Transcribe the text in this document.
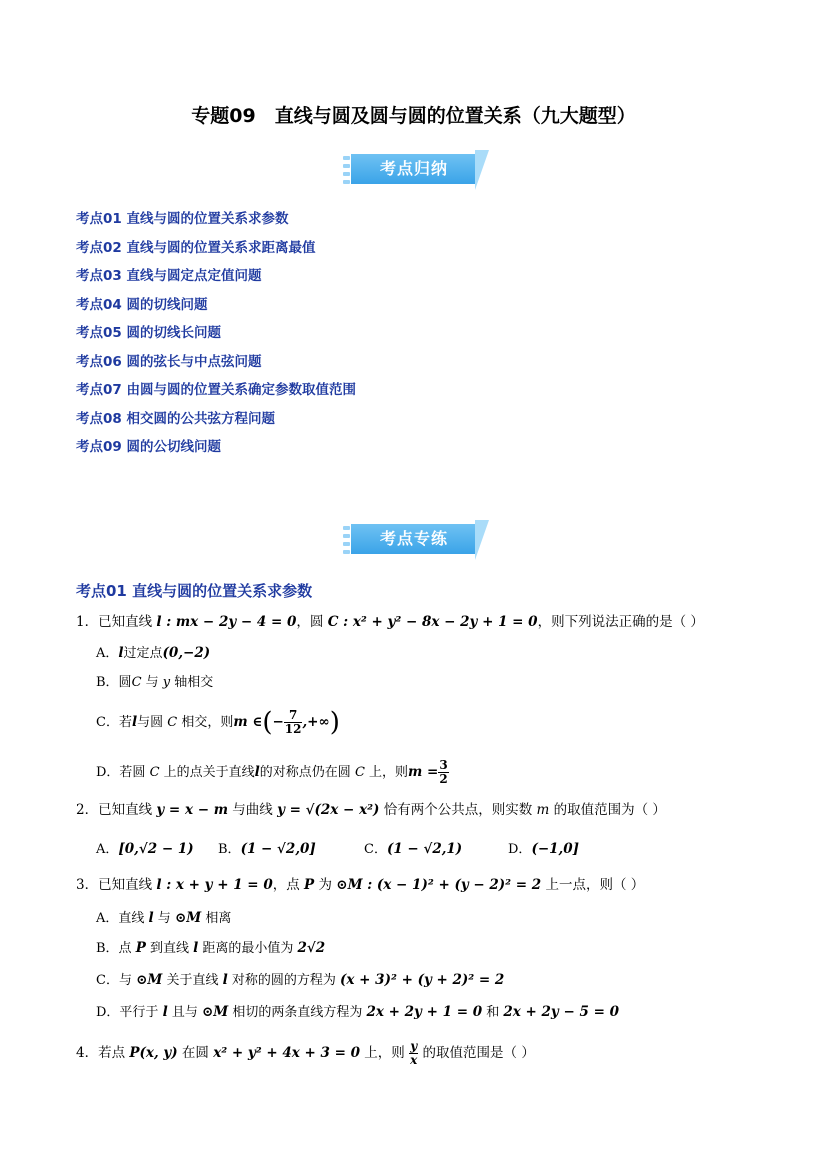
专题09　直线与圆及圆与圆的位置关系（九大题型）
考点归纳
考点01 直线与圆的位置关系求参数
考点02 直线与圆的位置关系求距离最值
考点03 直线与圆定点定值问题
考点04 圆的切线问题
考点05 圆的切线长问题
考点06 圆的弦长与中点弦问题
考点07 由圆与圆的位置关系确定参数取值范围
考点08 相交圆的公共弦方程问题
考点09 圆的公切线问题
考点专练
考点01 直线与圆的位置关系求参数
1．已知直线 l : mx − 2y − 4 = 0，圆 C : x² + y² − 8x − 2y + 1 = 0，则下列说法正确的是（ ）
A．l过定点(0,−2)
B．圆C 与 y 轴相交
C．若l与圆 C 相交，则m ∈(− $\frac{7}{12}$ ,+∞)
D．若圆 C 上的点关于直线l的对称点仍在圆 C 上，则$m = \frac{3}{2}$
2．已知直线 y = x − m 与曲线 y = √(2x − x²) 恰有两个公共点，则实数 m 的取值范围为（ ）
A．[0,√2 − 1) B．(1 − √2,0]	C．(1 − √2,1)	D．(−1,0]
3．已知直线 l : x + y + 1 = 0，点 P 为 ⊙M : (x − 1)² + (y − 2)² = 2 上一点，则（ ）
A．直线 l 与 ⊙M 相离
B．点 P 到直线 l 距离的最小值为 2√2
C．与 ⊙M 关于直线 l 对称的圆的方程为 (x + 3)² + (y + 2)² = 2
D．平行于 l 且与 ⊙M 相切的两条直线方程为 2x + 2y + 1 = 0 和 2x + 2y − 5 = 0
4．若点 P(x, y) 在圆 x² + y² + 4x + 3 = 0 上，则 $\frac{y}{x}$ 的取值范围是（ ）
